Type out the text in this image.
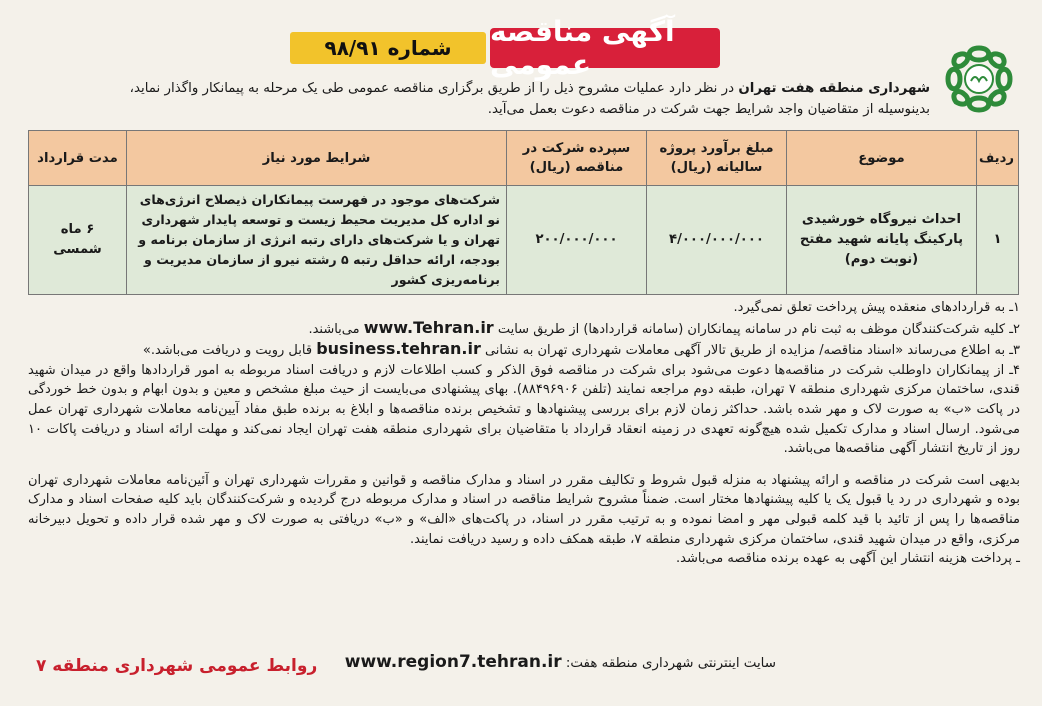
آگهی مناقصه عمومی
شماره ۹۸/۹۱
شهرداری منطقه هفت تهران در نظر دارد عملیات مشروح ذیل را از طریق برگزاری مناقصه عمومی طی یک مرحله به پیمانکار واگذار نماید،
بدینوسیله از متقاضیان واجد شرایط جهت شرکت در مناقصه دعوت بعمل می‌آید.
ردیف	موضوع	مبلغ برآورد پروژه سالیانه (ریال)	سپرده شرکت در مناقصه (ریال)	شرایط مورد نیاز	مدت قرارداد
۱	احداث نیروگاه خورشیدی پارکینگ پایانه شهید مفتح (نوبت دوم)	۴/۰۰۰/۰۰۰/۰۰۰	۲۰۰/۰۰۰/۰۰۰	شرکت‌های موجود در فهرست پیمانکاران ذیصلاح انرژی‌های نو اداره کل مدیریت محیط زیست و توسعه پایدار شهرداری تهران و یا شرکت‌های دارای رتبه انرژی از سازمان برنامه و بودجه، ارائه حداقل رتبه ۵ رشته نیرو از سازمان مدیریت و برنامه‌ریزی کشور	۶ ماه شمسی

۱ـ به قراردادهای منعقده پیش پرداخت تعلق نمی‌گیرد.

۲ـ کلیه شرکت‌کنندگان موظف به ثبت نام در سامانه پیمانکاران (سامانه قراردادها) از طریق سایت www.Tehran.ir می‌باشند.

۳ـ به اطلاع می‌رساند «اسناد مناقصه/ مزایده از طریق تالار آگهی معاملات شهرداری تهران به نشانی business.tehran.ir قابل رویت و دریافت می‌باشد.»

۴ـ از پیمانکاران داوطلب شرکت در مناقصه‌ها دعوت می‌شود برای شرکت در مناقصه فوق الذکر و کسب اطلاعات لازم و دریافت اسناد مربوطه به امور قراردادها واقع در میدان شهید قندی، ساختمان مرکزی شهرداری منطقه ۷ تهران، طبقه دوم مراجعه نمایند (تلفن ۸۸۴۹۶۹۰۶). بهای پیشنهادی می‌بایست از حیث مبلغ مشخص و معین و بدون ابهام و بدون خط خوردگی در پاکت «ب» به صورت لاک و مهر شده باشد. حداکثر زمان لازم برای بررسی پیشنهادها و تشخیص برنده مناقصه‌ها و ابلاغ به برنده طبق مفاد آیین‌نامه معاملات شهرداری تهران عمل می‌شود. ارسال اسناد و مدارک تکمیل شده هیچ‌گونه تعهدی در زمینه انعقاد قرارداد با متقاضیان برای شهرداری منطقه هفت تهران ایجاد نمی‌کند و مهلت ارائه اسناد و دریافت پاکات ۱۰ روز از تاریخ انتشار آگهی مناقصه‌ها می‌باشد.

بدیهی است شرکت در مناقصه و ارائه پیشنهاد به منزله قبول شروط و تکالیف مقرر در اسناد و مدارک مناقصه و قوانین و مقررات شهرداری تهران و آئین‌نامه معاملات شهرداری تهران بوده و شهرداری در رد یا قبول یک یا کلیه پیشنهادها مختار است. ضمناً مشروح شرایط مناقصه در اسناد و مدارک مربوطه درج گردیده و شرکت‌کنندگان باید کلیه صفحات اسناد و مدارک مناقصه‌ها را پس از تائید با قید کلمه قبولی مهر و امضا نموده و به ترتیب مقرر در اسناد، در پاکت‌های «الف» و «ب» دریافتی به صورت لاک و مهر شده قرار داده و تحویل دبیرخانه مرکزی، واقع در میدان شهید قندی، ساختمان مرکزی شهرداری منطقه ۷، طبقه همکف داده و رسید دریافت نمایند.

ـ پرداخت هزینه انتشار این آگهی به عهده برنده مناقصه می‌باشد.

سایت اینترنتی شهرداری منطقه هفت: www.region7.tehran.ir
روابط عمومی شهرداری منطقه ۷
